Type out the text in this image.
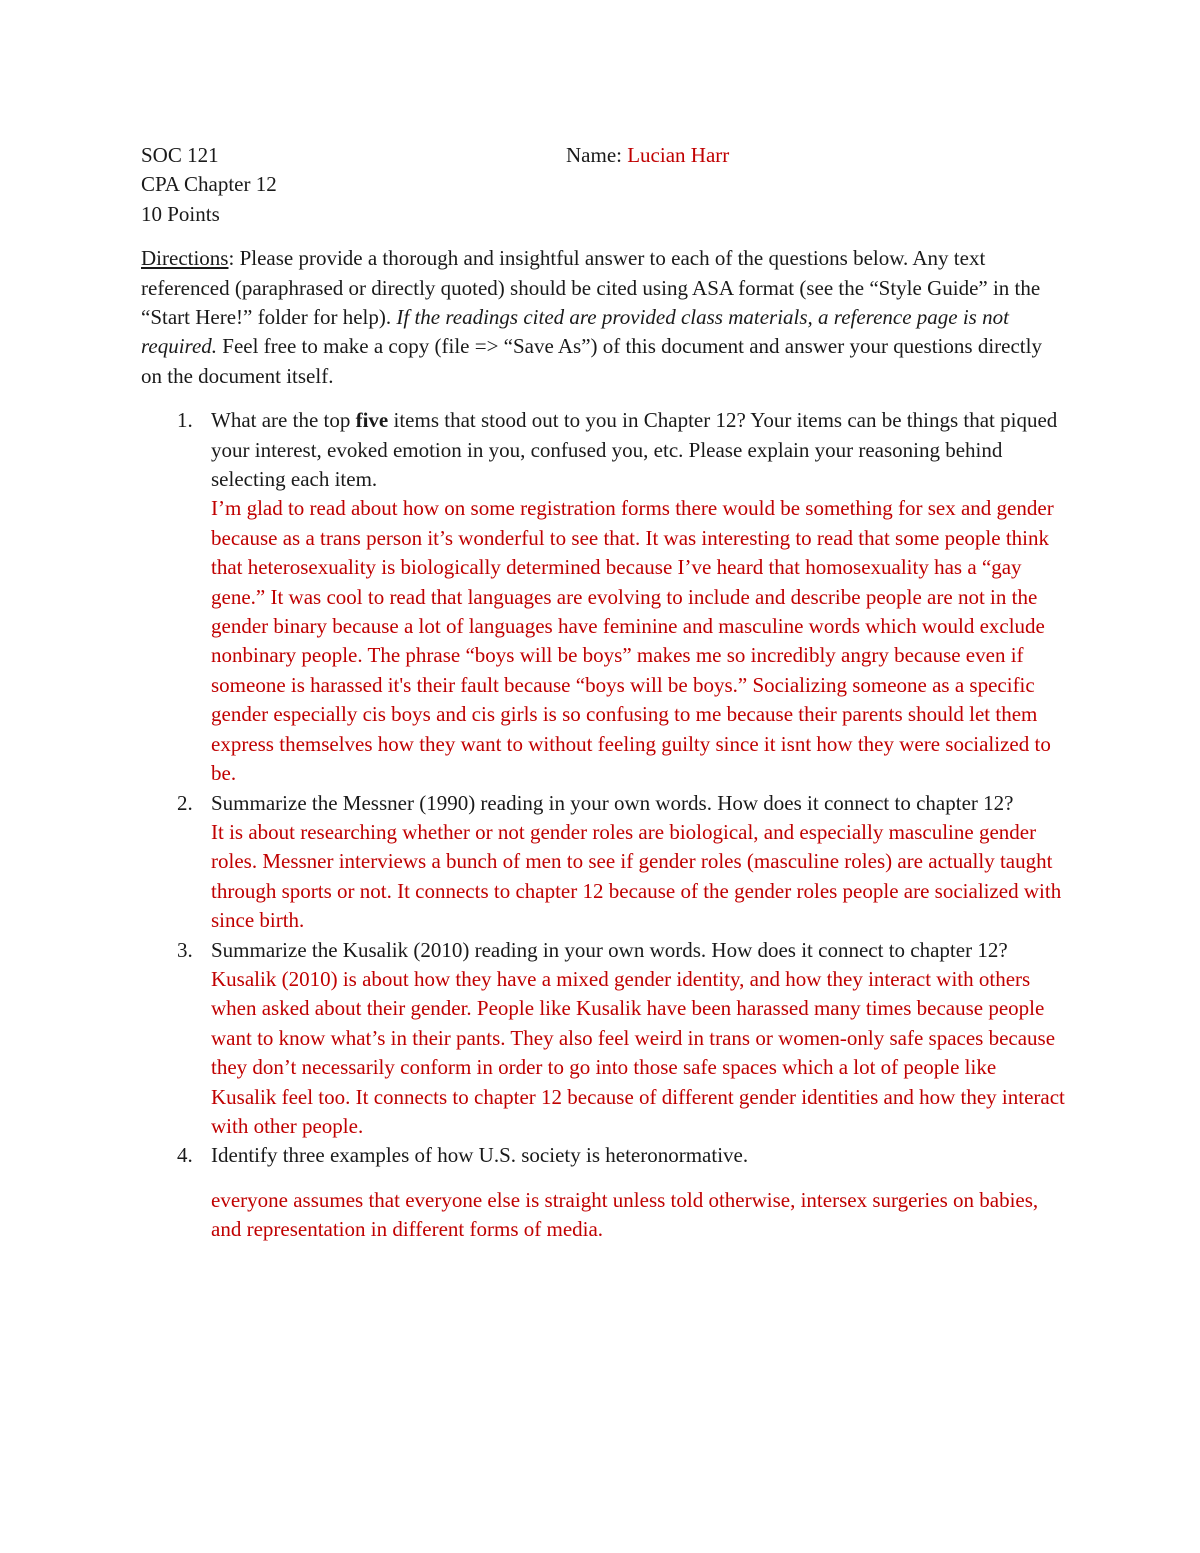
SOC 121	Name: Lucian Harr
CPA Chapter 12
10 Points
Directions: Please provide a thorough and insightful answer to each of the questions below. Any text referenced (paraphrased or directly quoted) should be cited using ASA format (see the “Style Guide” in the “Start Here!” folder for help). If the readings cited are provided class materials, a reference page is not required. Feel free to make a copy (file => “Save As”) of this document and answer your questions directly on the document itself.
1. What are the top five items that stood out to you in Chapter 12? Your items can be things that piqued your interest, evoked emotion in you, confused you, etc. Please explain your reasoning behind selecting each item.
I’m glad to read about how on some registration forms there would be something for sex and gender because as a trans person it’s wonderful to see that. It was interesting to read that some people think that heterosexuality is biologically determined because I’ve heard that homosexuality has a “gay gene.” It was cool to read that languages are evolving to include and describe people are not in the gender binary because a lot of languages have feminine and masculine words which would exclude nonbinary people. The phrase “boys will be boys” makes me so incredibly angry because even if someone is harassed it's their fault because “boys will be boys.” Socializing someone as a specific gender especially cis boys and cis girls is so confusing to me because their parents should let them express themselves how they want to without feeling guilty since it isnt how they were socialized to be.
2. Summarize the Messner (1990) reading in your own words. How does it connect to chapter 12?
It is about researching whether or not gender roles are biological, and especially masculine gender roles. Messner interviews a bunch of men to see if gender roles (masculine roles) are actually taught through sports or not. It connects to chapter 12 because of the gender roles people are socialized with since birth.
3. Summarize the Kusalik (2010) reading in your own words. How does it connect to chapter 12?
Kusalik (2010) is about how they have a mixed gender identity, and how they interact with others when asked about their gender. People like Kusalik have been harassed many times because people want to know what’s in their pants. They also feel weird in trans or women-only safe spaces because they don’t necessarily conform in order to go into those safe spaces which a lot of people like Kusalik feel too. It connects to chapter 12 because of different gender identities and how they interact with other people.
4. Identify three examples of how U.S. society is heteronormative.
everyone assumes that everyone else is straight unless told otherwise, intersex surgeries on babies, and representation in different forms of media.
